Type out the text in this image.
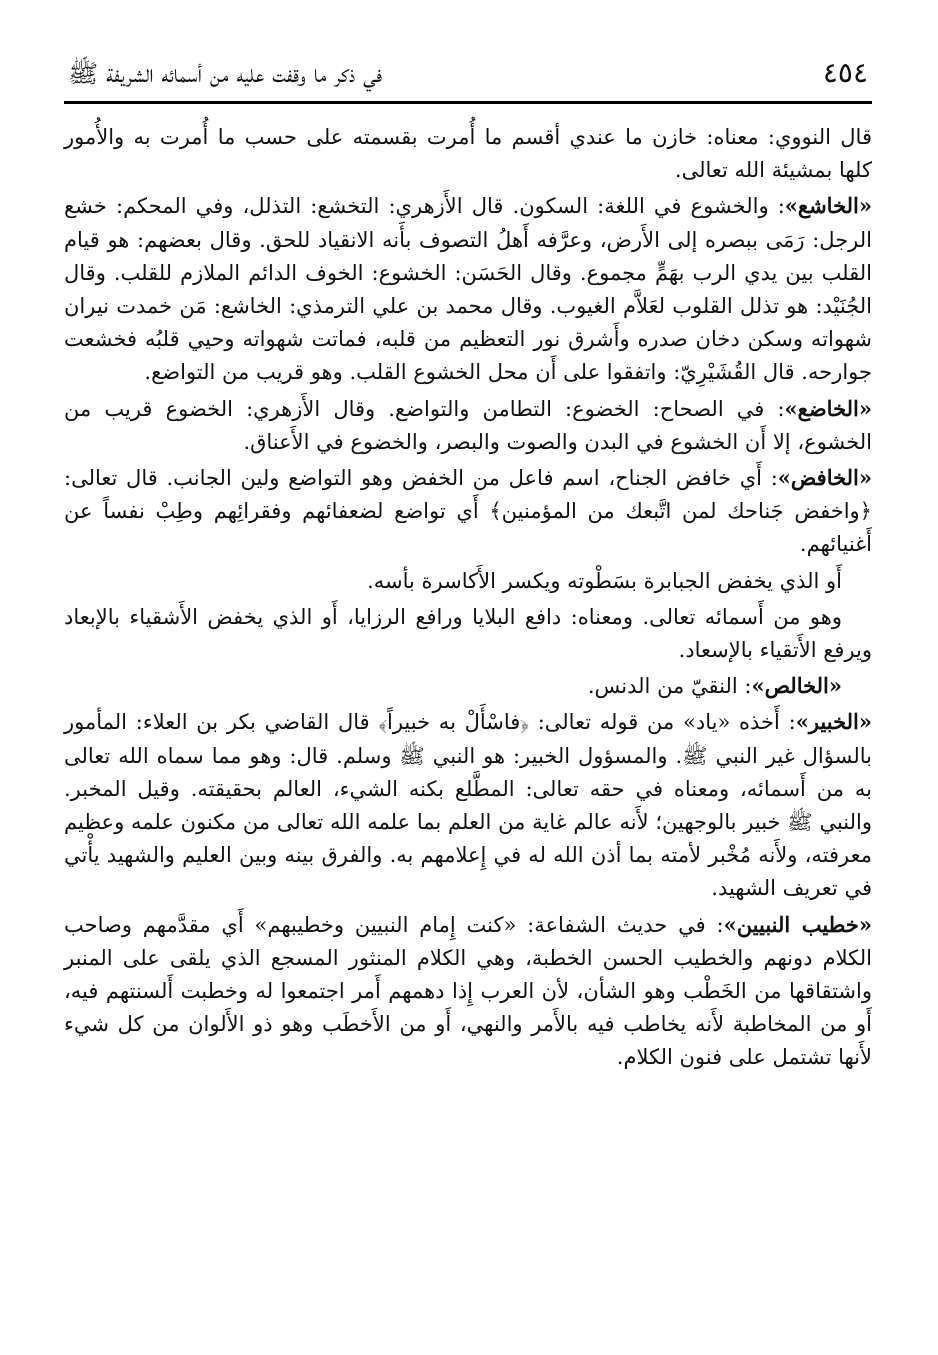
٤٥٤
في ذكر ما وقفت عليه من أسمائه الشريفة ﷺ

قال النووي: معناه: خازن ما عندي أقسم ما أُمرت بقسمته على حسب ما أُمرت به والأُمور كلها بمشيئة الله تعالى.

«الخاشع»: والخشوع في اللغة: السكون. قال الأَزهري: التخشع: التذلل، وفي المحكم: خشع الرجل: رَمَى ببصره إلى الأَرض، وعرَّفه أَهلُ التصوف بأَنه الانقياد للحق. وقال بعضهم: هو قيام القلب بين يدي الرب بهَمٍّ مجموع. وقال الحَسَن: الخشوع: الخوف الدائم الملازم للقلب. وقال الجُنَيْد: هو تذلل القلوب لعَلاَّم الغيوب. وقال محمد بن علي الترمذي: الخاشع: مَن خمدت نيران شهواته وسكن دخان صدره وأَشرق نور التعظيم من قلبه، فماتت شهواته وحيي قلبُه فخشعت جوارحه. قال القُشَيْرِيّ: واتفقوا على أَن محل الخشوع القلب. وهو قريب من التواضع.

«الخاضع»: في الصحاح: الخضوع: التطامن والتواضع. وقال الأَزهري: الخضوع قريب من الخشوع، إلا أَن الخشوع في البدن والصوت والبصر، والخضوع في الأَعناق.

«الخافض»: أَي خافض الجناح، اسم فاعل من الخفض وهو التواضع ولين الجانب. قال تعالى: ﴿واخفض جَناحك لمن اتَّبعك من المؤمنين﴾ أَي تواضع لضعفائهم وفقرائِهم وطِبْ نفساً عن أَغنيائهم.

أَو الذي يخفض الجبابرة بسَطْوته ويكسر الأَكاسرة بأسه.

وهو من أَسمائه تعالى. ومعناه: دافع البلايا ورافع الرزايا، أَو الذي يخفض الأَشقياء بالإبعاد ويرفع الأَتقياء بالإسعاد.

«الخالص»: النقيّ من الدنس.

«الخبير»: أَخذه «ياد» من قوله تعالى: ﴿فاسْأَلْ به خبيراً﴾ قال القاضي بكر بن العلاء: المأمور بالسؤال غير النبي ﷺ. والمسؤول الخبير: هو النبي ﷺ وسلم. قال: وهو مما سماه الله تعالى به من أَسمائه، ومعناه في حقه تعالى: المطَّلع بكنه الشيء، العالم بحقيقته. وقيل المخبر. والنبي ﷺ خبير بالوجهين؛ لأَنه عالم غاية من العلم بما علمه الله تعالى من مكنون علمه وعظيم معرفته، ولأَنه مُخْبر لأمته بما أذن الله له في إِعلامهم به. والفرق بينه وبين العليم والشهيد يأْتي في تعريف الشهيد.

«خطيب النبيين»: في حديث الشفاعة: «كنت إِمام النبيين وخطيبهم» أَي مقدَّمهم وصاحب الكلام دونهم والخطيب الحسن الخطبة، وهي الكلام المنثور المسجع الذي يلقى على المنبر واشتقاقها من الخَطْب وهو الشأن، لأن العرب إِذا دهمهم أَمر اجتمعوا له وخطبت أَلسنتهم فيه، أَو من المخاطبة لأَنه يخاطب فيه بالأَمر والنهي، أَو من الأَخطَب وهو ذو الأَلوان من كل شيء لأَنها تشتمل على فنون الكلام.
